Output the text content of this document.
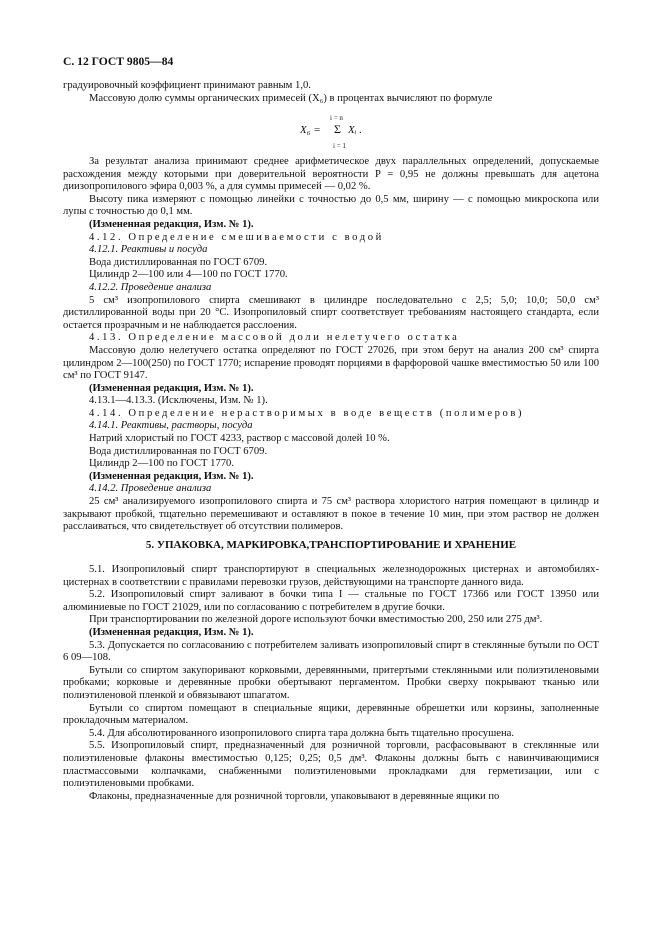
С. 12 ГОСТ 9805—84

градуировочный коэффициент принимают равным 1,0.

Массовую долю суммы органических примесей (X₆) в процентах вычисляют по формуле

X₆ =
i = n
Σ
i = 1
Xᵢ .

За результат анализа принимают среднее арифметическое двух параллельных определений, допускаемые расхождения между которыми при доверительной вероятности P = 0,95 не должны превышать для ацетона диизопропилового эфира 0,003 %, а для суммы примесей — 0,02 %.

Высоту пика измеряют с помощью линейки с точностью до 0,5 мм, ширину — с помощью микроскопа или лупы с точностью до 0,1 мм.

(Измененная редакция, Изм. № 1).

4.12. Определение смешиваемости с водой

4.12.1. Реактивы и посуда

Вода дистиллированная по ГОСТ 6709.

Цилиндр 2—100 или 4—100 по ГОСТ 1770.

4.12.2. Проведение анализа

5 см³ изопропилового спирта смешивают в цилиндре последовательно с 2,5; 5,0; 10,0; 50,0 см³ дистиллированной воды при 20 °С. Изопропиловый спирт соответствует требованиям настоящего стандарта, если остается прозрачным и не наблюдается расслоения.

4.13. Определение массовой доли нелетучего остатка

Массовую долю нелетучего остатка определяют по ГОСТ 27026, при этом берут на анализ 200 см³ спирта цилиндром 2—100(250) по ГОСТ 1770; испарение проводят порциями в фарфоровой чашке вместимостью 50 или 100 см³ по ГОСТ 9147.

(Измененная редакция, Изм. № 1).

4.13.1—4.13.3. (Исключены, Изм. № 1).

4.14. Определение нерастворимых в воде веществ (полимеров)

4.14.1. Реактивы, растворы, посуда

Натрий хлористый по ГОСТ 4233, раствор с массовой долей 10 %.

Вода дистиллированная по ГОСТ 6709.

Цилиндр 2—100 по ГОСТ 1770.

(Измененная редакция, Изм. № 1).

4.14.2. Проведение анализа

25 см³ анализируемого изопропилового спирта и 75 см³ раствора хлористого натрия помещают в цилиндр и закрывают пробкой, тщательно перемешивают и оставляют в покое в течение 10 мин, при этом раствор не должен расслаиваться, что свидетельствует об отсутствии полимеров.

5. УПАКОВКА, МАРКИРОВКА,ТРАНСПОРТИРОВАНИЕ И ХРАНЕНИЕ

5.1. Изопропиловый спирт транспортируют в специальных железнодорожных цистернах и автомобилях-цистернах в соответствии с правилами перевозки грузов, действующими на транспорте данного вида.

5.2. Изопропиловый спирт заливают в бочки типа I — стальные по ГОСТ 17366 или ГОСТ 13950 или алюминиевые по ГОСТ 21029, или по согласованию с потребителем в другие бочки.

При транспортировании по железной дороге используют бочки вместимостью 200, 250 или 275 дм³.

(Измененная редакция, Изм. № 1).

5.3. Допускается по согласованию с потребителем заливать изопропиловый спирт в стеклянные бутыли по ОСТ 6 09—108.

Бутыли со спиртом закупоривают корковыми, деревянными, притертыми стеклянными или полиэтиленовыми пробками; корковые и деревянные пробки обертывают пергаментом. Пробки сверху покрывают тканью или полиэтиленовой пленкой и обвязывают шпагатом.

Бутыли со спиртом помещают в специальные ящики, деревянные обрешетки или корзины, заполненные прокладочным материалом.

5.4. Для абсолютированного изопропилового спирта тара должна быть тщательно просушена.

5.5. Изопропиловый спирт, предназначенный для розничной торговли, расфасовывают в стеклянные или полиэтиленовые флаконы вместимостью 0,125; 0,25; 0,5 дм³. Флаконы должны быть с навинчивающимися пластмассовыми колпачками, снабженными полиэтиленовыми прокладками для герметизации, или с полиэтиленовыми пробками.

Флаконы, предназначенные для розничной торговли, упаковывают в деревянные ящики по
